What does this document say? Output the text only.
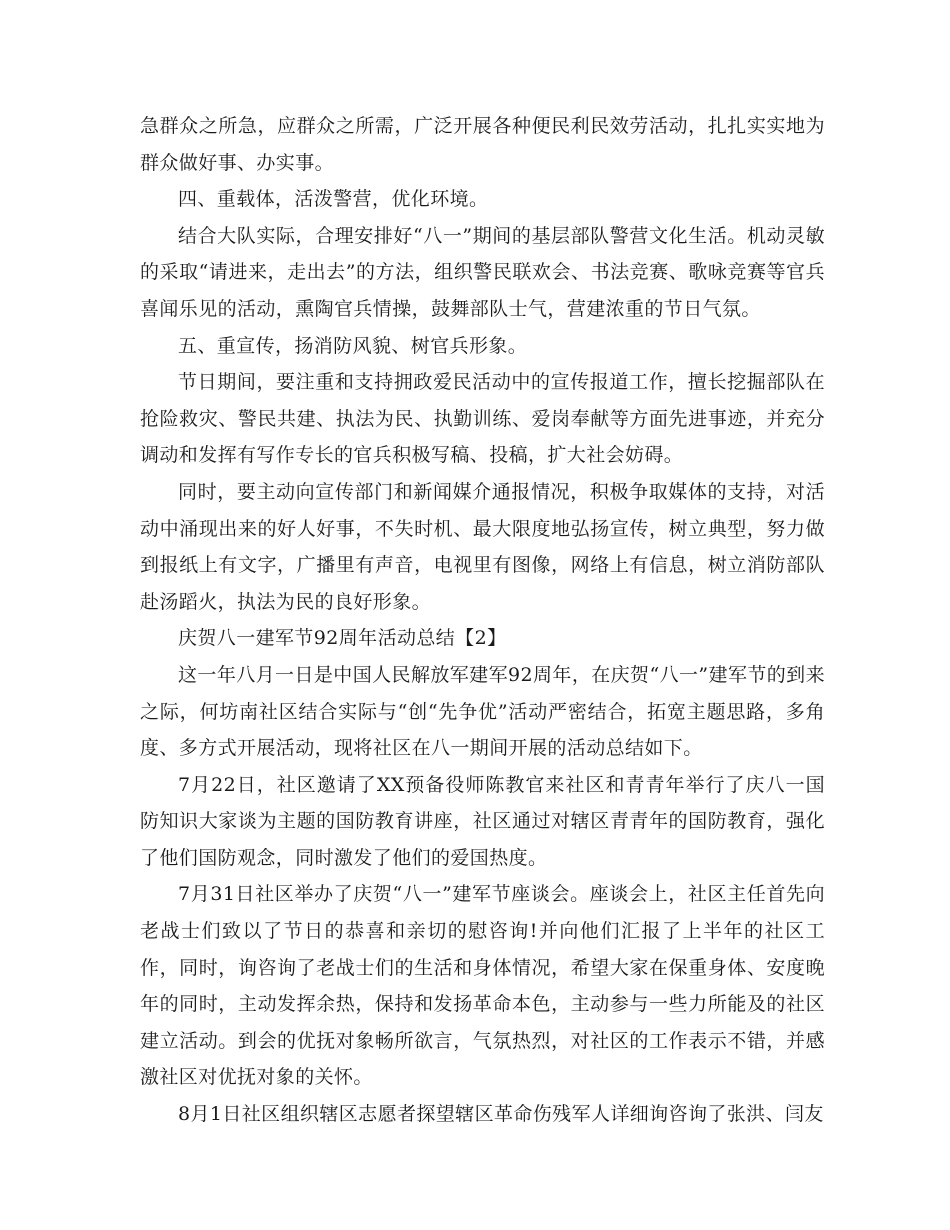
急群众之所急，应群众之所需，广泛开展各种便民利民效劳活动，扎扎实实地为群众做好事、办实事。

四、重载体，活泼警营，优化环境。

结合大队实际，合理安排好“八一”期间的基层部队警营文化生活。机动灵敏的采取“请进来，走出去”的方法，组织警民联欢会、书法竞赛、歌咏竞赛等官兵喜闻乐见的活动，熏陶官兵情操，鼓舞部队士气，营建浓重的节日气氛。

五、重宣传，扬消防风貌、树官兵形象。

节日期间，要注重和支持拥政爱民活动中的宣传报道工作，擅长挖掘部队在抢险救灾、警民共建、执法为民、执勤训练、爱岗奉献等方面先进事迹，并充分调动和发挥有写作专长的官兵积极写稿、投稿，扩大社会妨碍。

同时，要主动向宣传部门和新闻媒介通报情况，积极争取媒体的支持，对活动中涌现出来的好人好事，不失时机、最大限度地弘扬宣传，树立典型，努力做到报纸上有文字，广播里有声音，电视里有图像，网络上有信息，树立消防部队赴汤蹈火，执法为民的良好形象。

庆贺八一建军节92周年活动总结【2】

这一年八月一日是中国人民解放军建军92周年，在庆贺“八一”建军节的到来之际，何坊南社区结合实际与“创“先争优”活动严密结合，拓宽主题思路，多角度、多方式开展活动，现将社区在八一期间开展的活动总结如下。

7月22日，社区邀请了XX预备役师陈教官来社区和青青年举行了庆八一国防知识大家谈为主题的国防教育讲座，社区通过对辖区青青年的国防教育，强化了他们国防观念，同时激发了他们的爱国热度。

7月31日社区举办了庆贺“八一”建军节座谈会。座谈会上，社区主任首先向老战士们致以了节日的恭喜和亲切的慰咨询!并向他们汇报了上半年的社区工作，同时，询咨询了老战士们的生活和身体情况，希望大家在保重身体、安度晚年的同时，主动发挥余热，保持和发扬革命本色，主动参与一些力所能及的社区建立活动。到会的优抚对象畅所欲言，气氛热烈，对社区的工作表示不错，并感激社区对优抚对象的关怀。

8月1日社区组织辖区志愿者探望辖区革命伤残军人详细询咨询了张洪、闫友
